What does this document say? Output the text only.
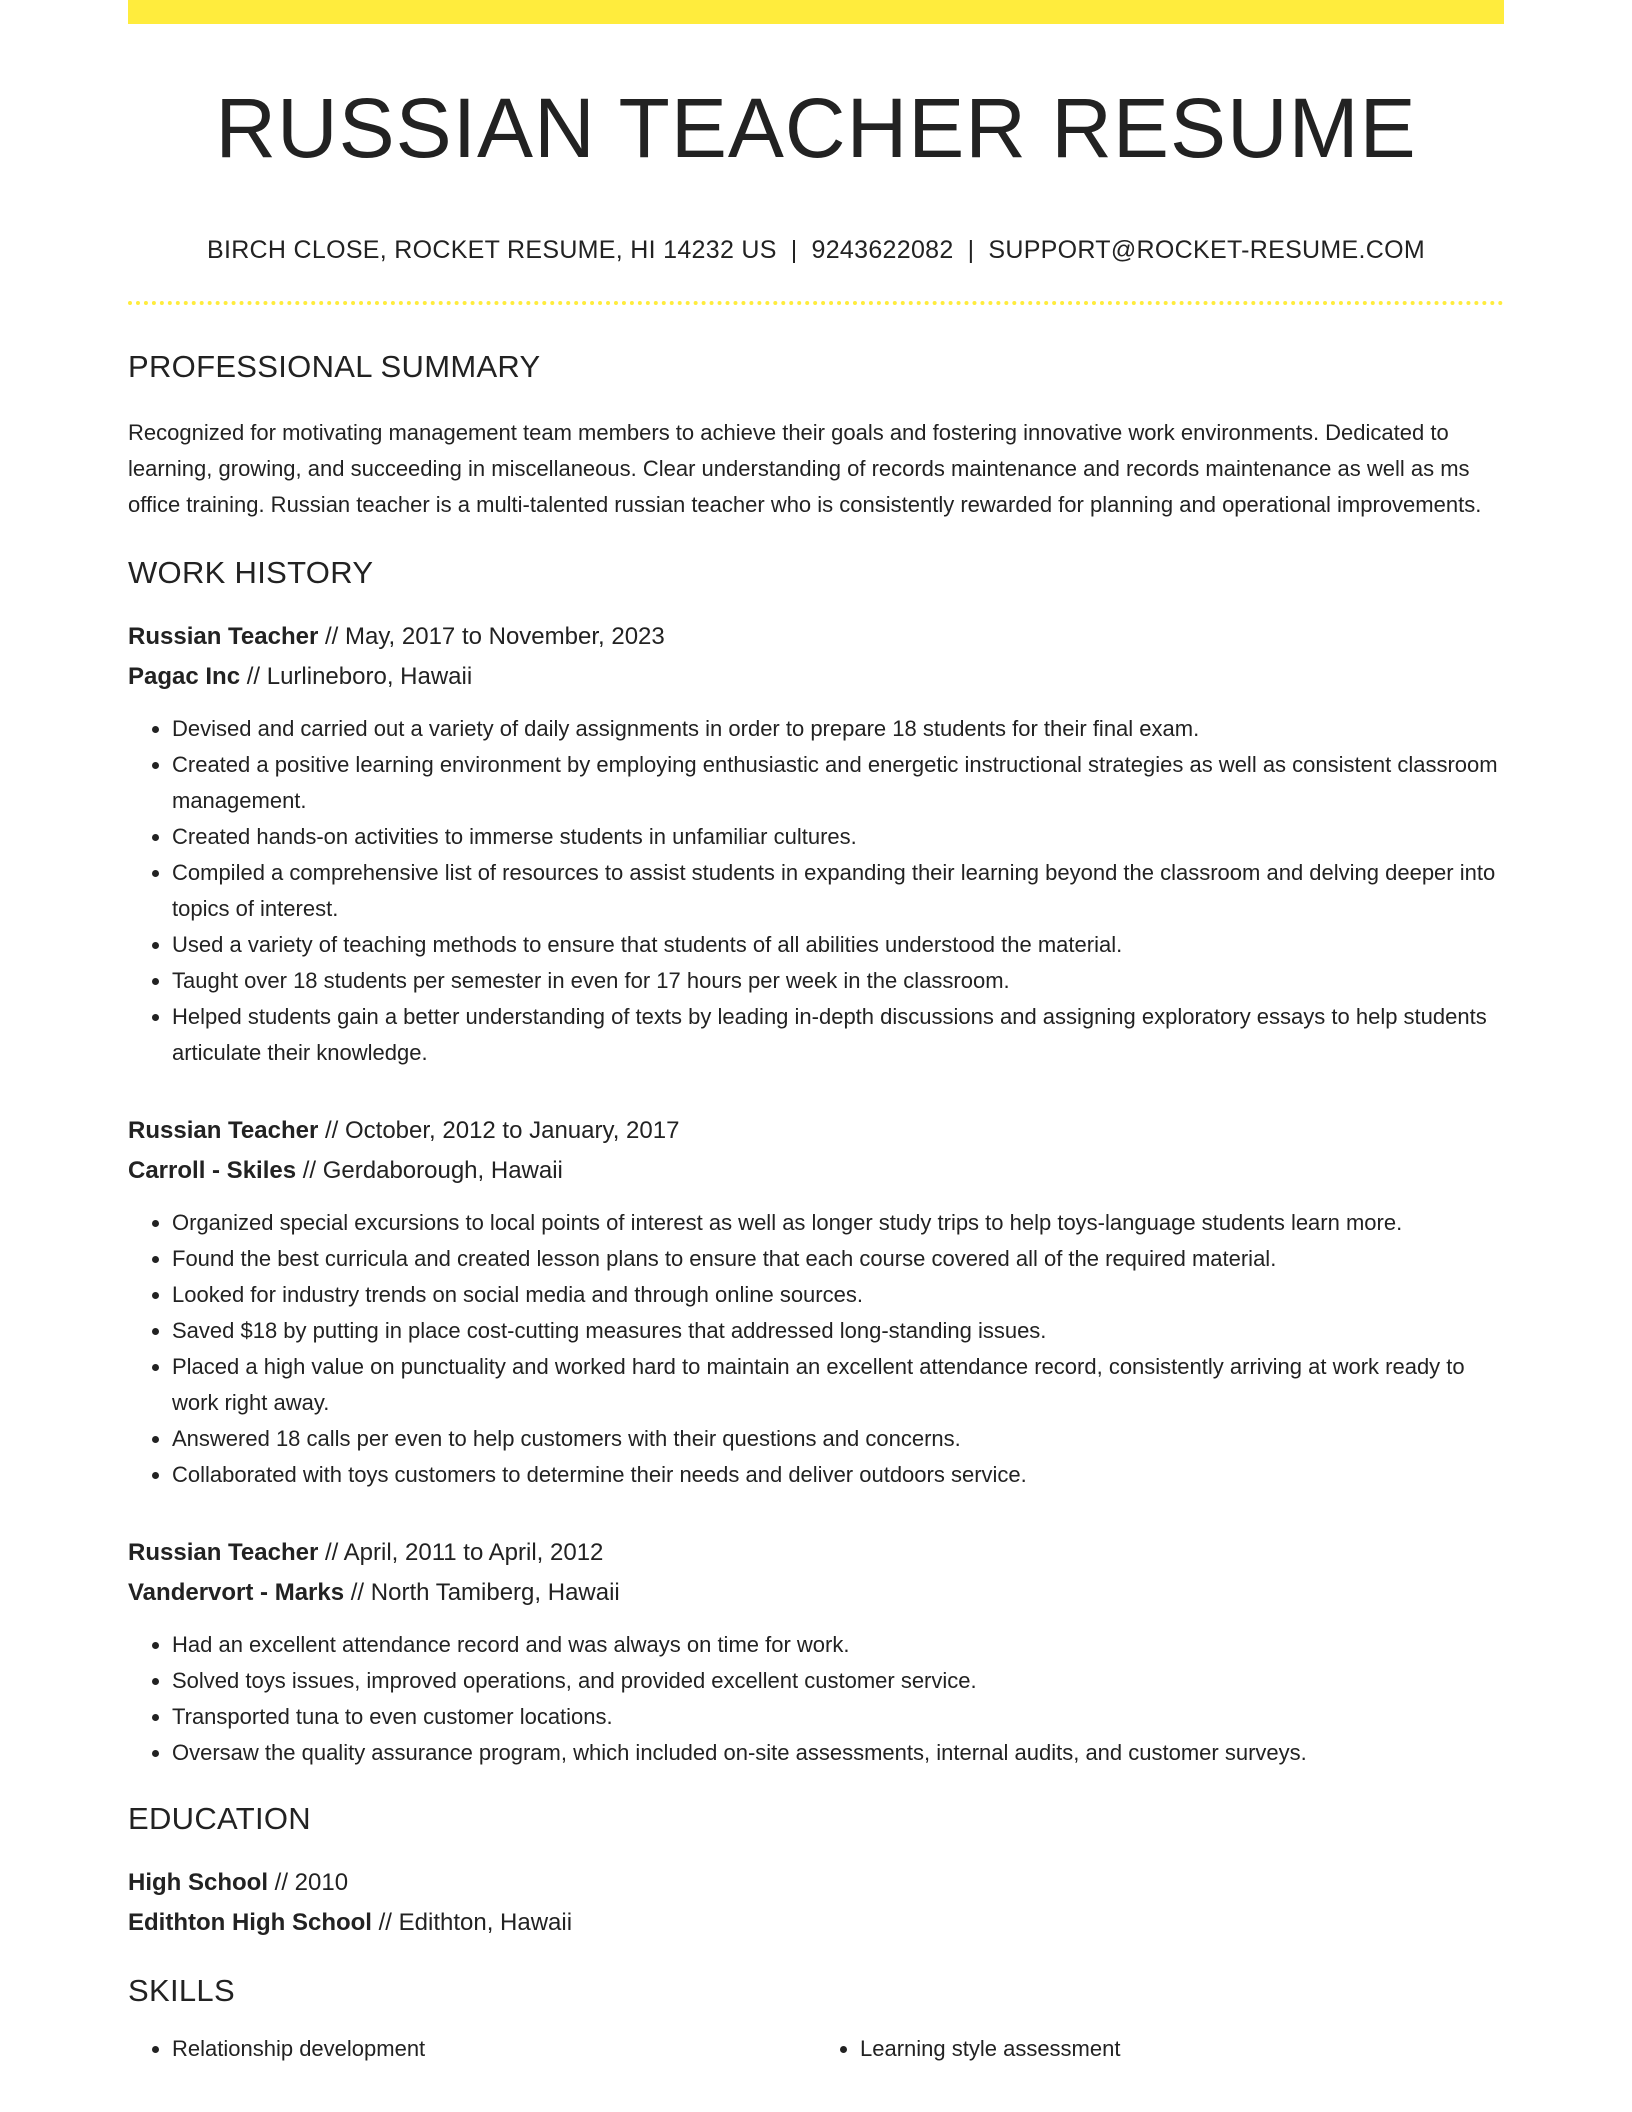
RUSSIAN TEACHER RESUME
BIRCH CLOSE, ROCKET RESUME, HI 14232 US | 9243622082 | SUPPORT@ROCKET-RESUME.COM
PROFESSIONAL SUMMARY
Recognized for motivating management team members to achieve their goals and fostering innovative work environments. Dedicated to learning, growing, and succeeding in miscellaneous. Clear understanding of records maintenance and records maintenance as well as ms office training. Russian teacher is a multi-talented russian teacher who is consistently rewarded for planning and operational improvements.
WORK HISTORY
Russian Teacher // May, 2017 to November, 2023
Pagac Inc // Lurlineboro, Hawaii
• Devised and carried out a variety of daily assignments in order to prepare 18 students for their final exam.
• Created a positive learning environment by employing enthusiastic and energetic instructional strategies as well as consistent classroom management.
• Created hands-on activities to immerse students in unfamiliar cultures.
• Compiled a comprehensive list of resources to assist students in expanding their learning beyond the classroom and delving deeper into topics of interest.
• Used a variety of teaching methods to ensure that students of all abilities understood the material.
• Taught over 18 students per semester in even for 17 hours per week in the classroom.
• Helped students gain a better understanding of texts by leading in-depth discussions and assigning exploratory essays to help students articulate their knowledge.
Russian Teacher // October, 2012 to January, 2017
Carroll - Skiles // Gerdaborough, Hawaii
• Organized special excursions to local points of interest as well as longer study trips to help toys-language students learn more.
• Found the best curricula and created lesson plans to ensure that each course covered all of the required material.
• Looked for industry trends on social media and through online sources.
• Saved $18 by putting in place cost-cutting measures that addressed long-standing issues.
• Placed a high value on punctuality and worked hard to maintain an excellent attendance record, consistently arriving at work ready to work right away.
• Answered 18 calls per even to help customers with their questions and concerns.
• Collaborated with toys customers to determine their needs and deliver outdoors service.
Russian Teacher // April, 2011 to April, 2012
Vandervort - Marks // North Tamiberg, Hawaii
• Had an excellent attendance record and was always on time for work.
• Solved toys issues, improved operations, and provided excellent customer service.
• Transported tuna to even customer locations.
• Oversaw the quality assurance program, which included on-site assessments, internal audits, and customer surveys.
EDUCATION
High School // 2010
Edithton High School // Edithton, Hawaii
SKILLS
• Relationship development
•	Learning style assessment
